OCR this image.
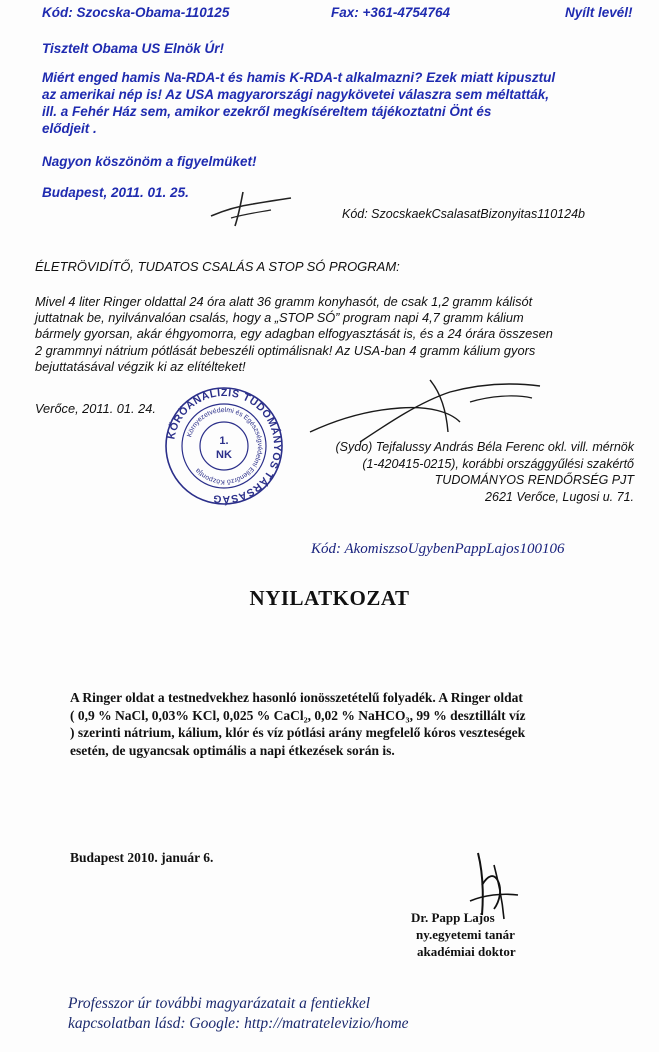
Kód: Szocska-Obama-110125	Fax: +361-4754764	Nyílt levél!
Tisztelt Obama US Elnök Úr!
Miért enged hamis Na-RDA-t és hamis K-RDA-t alkalmazni? Ezek miatt kipusztul
az amerikai nép is! Az USA magyarországi nagykövetei válaszra sem méltatták,
ill. a Fehér Ház sem, amikor ezekről megkíséreltem tájékoztatni Önt és
elődjeit .
Nagyon köszönöm a figyelmüket!
Budapest, 2011. 01. 25.
Kód: SzocskaekCsalasatBizonyitas110124b
ÉLETRÖVIDÍTŐ, TUDATOS CSALÁS A STOP SÓ PROGRAM:
Mivel 4 liter Ringer oldattal 24 óra alatt 36 gramm konyhasót, de csak 1,2 gramm kálisót
juttatnak be, nyilvánvalóan csalás, hogy a „STOP SÓ” program napi 4,7 gramm kálium
bármely gyorsan, akár éhgyomorra, egy adagban elfogyasztását is, és a 24 órára összesen
2 grammnyi nátrium pótlását bebeszéli optimálisnak! Az USA-ban 4 gramm kálium gyors
bejuttatásával végzik ki az elítélteket!
Verőce, 2011. 01. 24.
KŐRÖANALIZIS TUDOMÁNYOS TÁRSASÁG
Környezetvédelmi és Egészségvédelmi Ellenőrző Központja
1.
NK
(Sydo) Tejfalussy András Béla Ferenc okl. vill. mérnök
(1-420415-0215), korábbi országgyűlési szakértő
TUDOMÁNYOS RENDŐRSÉG PJT
2621 Verőce, Lugosi u. 71.
Kód: AkomiszsoUgybenPappLajos100106
NYILATKOZAT
A Ringer oldat a testnedvekhez hasonló ionösszetételű folyadék. A Ringer oldat
( 0,9 % NaCl, 0,03% KCl, 0,025 % CaCl₂, 0,02 % NaHCO₃, 99 % desztillált víz
) szerinti nátrium, kálium, klór és víz pótlási arány megfelelő kóros veszteségek
esetén, de ugyancsak optimális a napi étkezések során is.
Budapest 2010. január 6.
Dr. Papp Lajos
ny.egyetemi tanár
akadémiai doktor
Professzor úr további magyarázatait a fentiekkel
kapcsolatban lásd: Google: http://matratelevizio/home
